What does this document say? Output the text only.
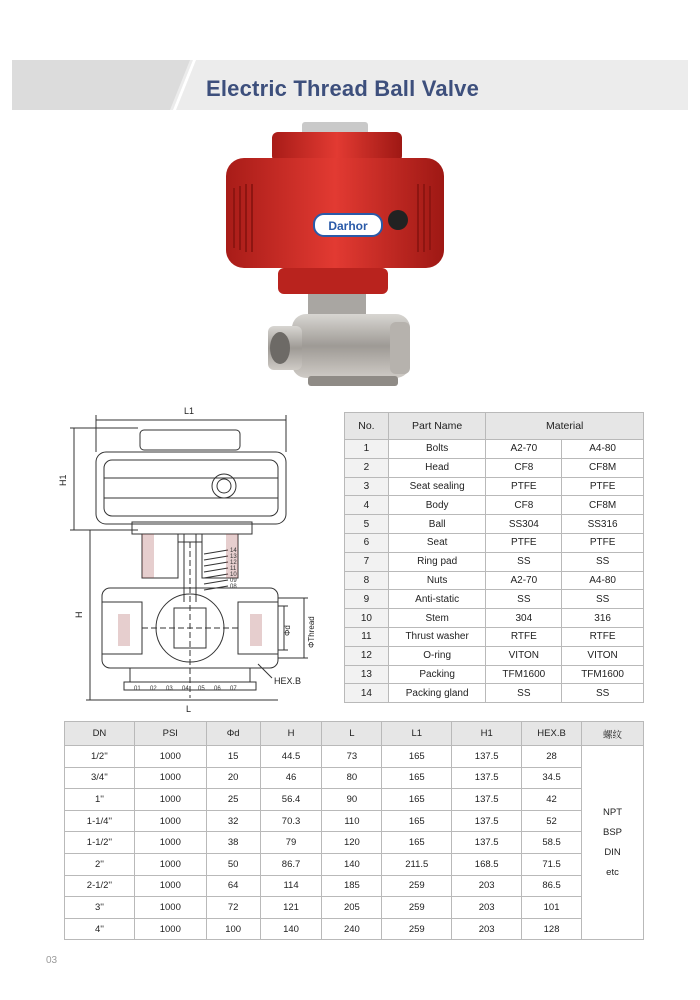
Electric Thread Ball Valve
Darhor
L1
H1
H
Φd ΦThread
HEX.B
L
14
13
12
11
10
09
08
01 02 03 04 05 06 07
No.	Part Name	Material	
1	Bolts	A2-70	A4-80
2	Head	CF8	CF8M
3	Seat sealing	PTFE	PTFE
4	Body	CF8	CF8M
5	Ball	SS304	SS316
6	Seat	PTFE	PTFE
7	Ring pad	SS	SS
8	Nuts	A2-70	A4-80
9	Anti-static	SS	SS
10	Stem	304	316
11	Thrust washer	RTFE	RTFE
12	O-ring	VITON	VITON
13	Packing	TFM1600	TFM1600
14	Packing gland	SS	SS
DN	PSI	Φd	H	L	L1	H1	HEX.B	螺纹
1/2''	1000	15	44.5	73	165	137.5	28	NPT
BSP
DIN
etc

3/4''	1000	20	46	80	165	137.5	34.5	
1''	1000	25	56.4	90	165	137.5	42	
1-1/4''	1000	32	70.3	110	165	137.5	52	
1-1/2''	1000	38	79	120	165	137.5	58.5	
2''	1000	50	86.7	140	211.5	168.5	71.5	
2-1/2''	1000	64	114	185	259	203	86.5	
3''	1000	72	121	205	259	203	101	
4''	1000	100	140	240	259	203	128	
03
